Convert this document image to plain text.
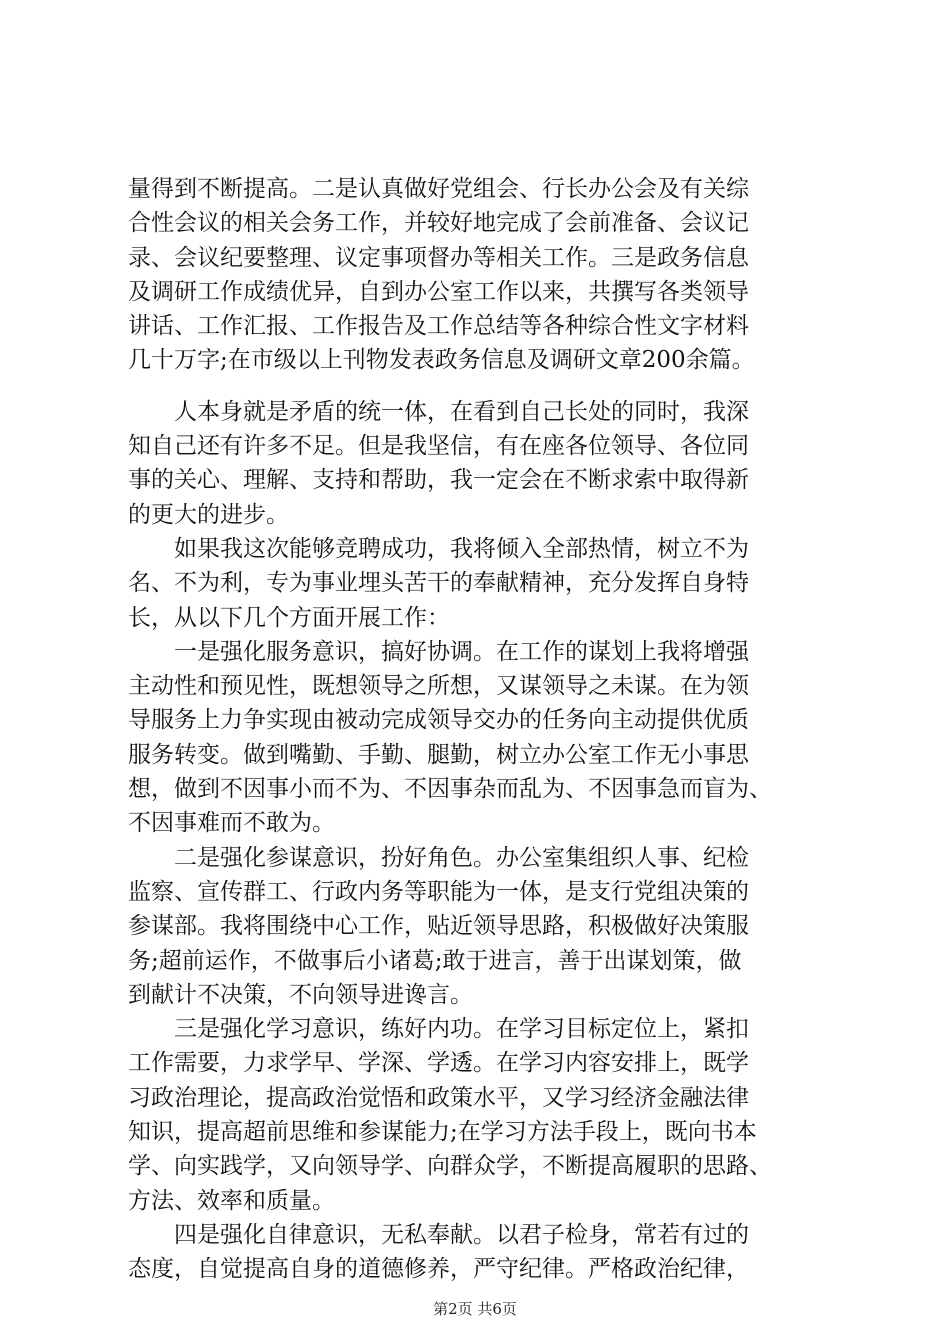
量得到不断提高。二是认真做好党组会、行长办公会及有关综
合性会议的相关会务工作，并较好地完成了会前准备、会议记
录、会议纪要整理、议定事项督办等相关工作。三是政务信息
及调研工作成绩优异，自到办公室工作以来，共撰写各类领导
讲话、工作汇报、工作报告及工作总结等各种综合性文字材料
几十万字;在市级以上刊物发表政务信息及调研文章200余篇。
人本身就是矛盾的统一体，在看到自己长处的同时，我深
知自己还有许多不足。但是我坚信，有在座各位领导、各位同
事的关心、理解、支持和帮助，我一定会在不断求索中取得新
的更大的进步。
如果我这次能够竞聘成功，我将倾入全部热情，树立不为
名、不为利，专为事业埋头苦干的奉献精神，充分发挥自身特
长，从以下几个方面开展工作：
一是强化服务意识，搞好协调。在工作的谋划上我将增强
主动性和预见性，既想领导之所想，又谋领导之未谋。在为领
导服务上力争实现由被动完成领导交办的任务向主动提供优质
服务转变。做到嘴勤、手勤、腿勤，树立办公室工作无小事思
想，做到不因事小而不为、不因事杂而乱为、不因事急而盲为、
不因事难而不敢为。
二是强化参谋意识，扮好角色。办公室集组织人事、纪检
监察、宣传群工、行政内务等职能为一体，是支行党组决策的
参谋部。我将围绕中心工作，贴近领导思路，积极做好决策服
务;超前运作，不做事后小诸葛;敢于进言，善于出谋划策，做
到献计不决策，不向领导进谗言。
三是强化学习意识，练好内功。在学习目标定位上，紧扣
工作需要，力求学早、学深、学透。在学习内容安排上，既学
习政治理论，提高政治觉悟和政策水平，又学习经济金融法律
知识，提高超前思维和参谋能力;在学习方法手段上，既向书本
学、向实践学，又向领导学、向群众学，不断提高履职的思路、
方法、效率和质量。
四是强化自律意识，无私奉献。以君子检身，常若有过的
态度，自觉提高自身的道德修养，严守纪律。严格政治纪律，
第2页 共6页
